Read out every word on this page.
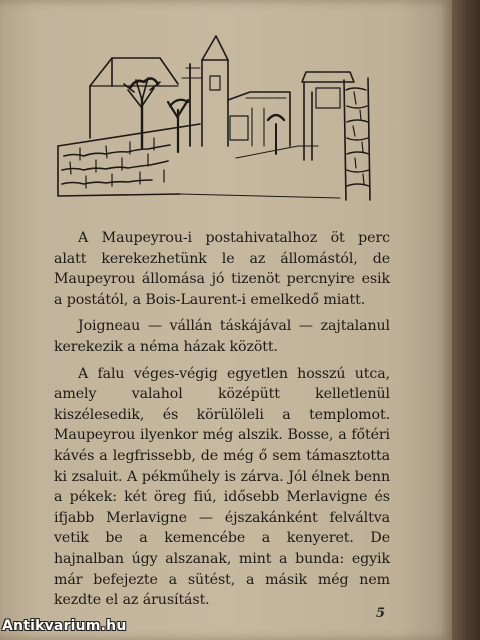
A Maupeyrou-i postahivatalhoz öt perc alatt kerekezhetünk le az állomástól, de Maupeyrou állomása jó tizenöt percnyire esik a postától, a Bois-Laurent-i emelkedő miatt.

Joigneau — vállán táskájával — zajtalanul kerekezik a néma házak között.

A falu véges-végig egyetlen hosszú utca, amely valahol középütt kelletlenül kiszélesedik, és körülöleli a templomot. Maupeyrou ilyenkor még alszik. Bosse, a főtéri kávés a legfrissebb, de még ő sem támasztotta ki zsaluit. A pékműhely is zárva. Jól élnek benn a pékek: két öreg fiú, idősebb Merlavigne és ifjabb Merlavigne — éjszakánként felváltva vetik be a kemencébe a kenyeret. De hajnalban úgy alszanak, mint a bunda: egyik már befejezte a sütést, a másik még nem kezdte el az árusítást.

5
Antikvarium.hu
